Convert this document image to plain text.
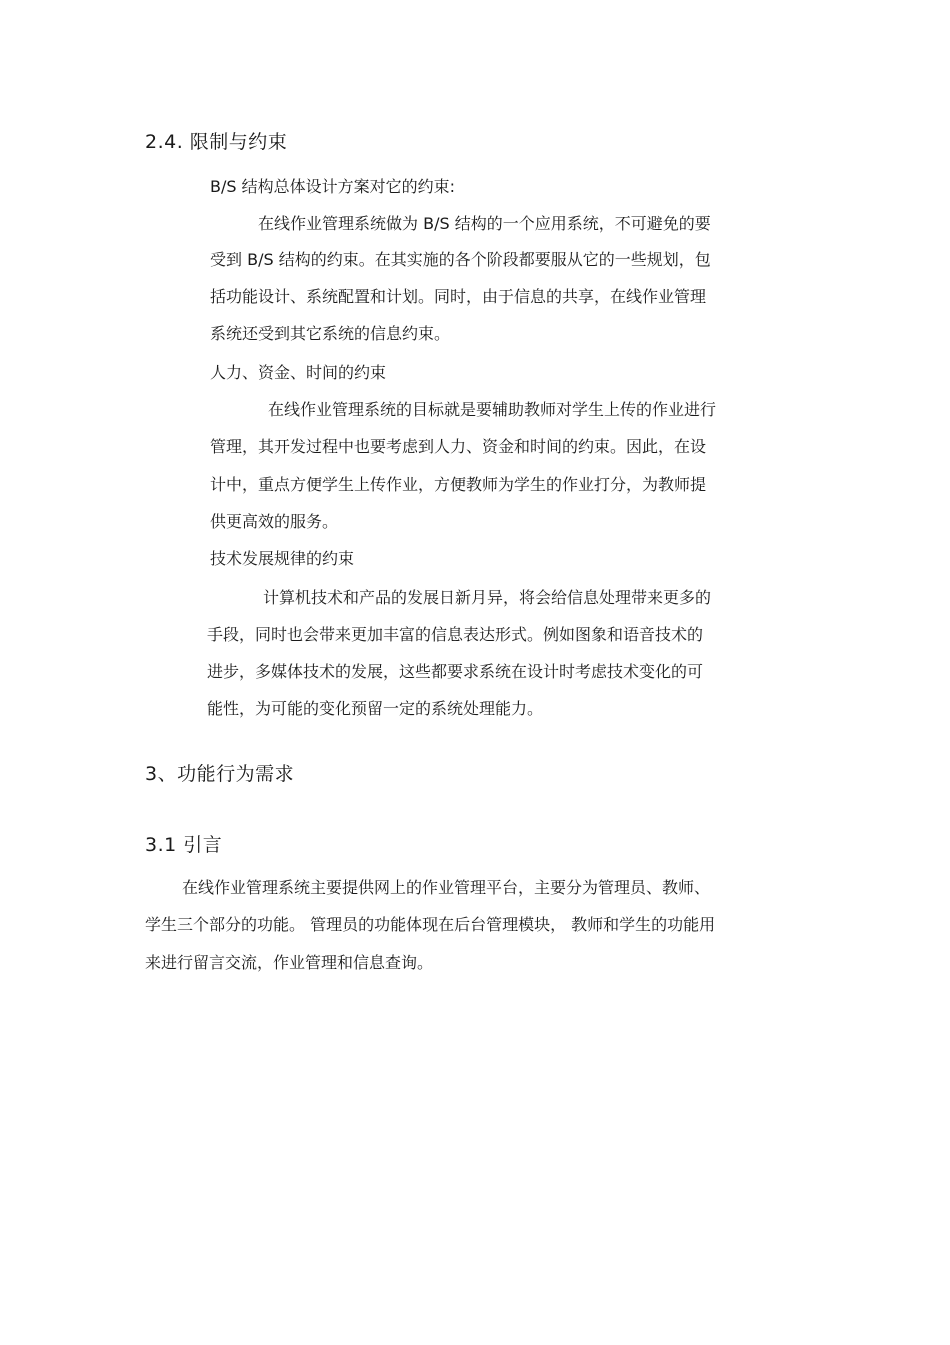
2.4. 限制与约束
B/S 结构总体设计方案对它的约束:
在线作业管理系统做为 B/S 结构的一个应用系统，不可避免的要
受到 B/S 结构的约束。在其实施的各个阶段都要服从它的一些规划，包
括功能设计、系统配置和计划。同时，由于信息的共享，在线作业管理
系统还受到其它系统的信息约束。
人力、资金、时间的约束
在线作业管理系统的目标就是要辅助教师对学生上传的作业进行
管理，其开发过程中也要考虑到人力、资金和时间的约束。因此，在设
计中，重点方便学生上传作业，方便教师为学生的作业打分，为教师提
供更高效的服务。
技术发展规律的约束
计算机技术和产品的发展日新月异，将会给信息处理带来更多的
手段，同时也会带来更加丰富的信息表达形式。例如图象和语音技术的
进步，多媒体技术的发展，这些都要求系统在设计时考虑技术变化的可
能性，为可能的变化预留一定的系统处理能力。
3、功能行为需求
3.1 引言
在线作业管理系统主要提供网上的作业管理平台，主要分为管理员、教师、
学生三个部分的功能。 管理员的功能体现在后台管理模块， 教师和学生的功能用
来进行留言交流，作业管理和信息查询。
